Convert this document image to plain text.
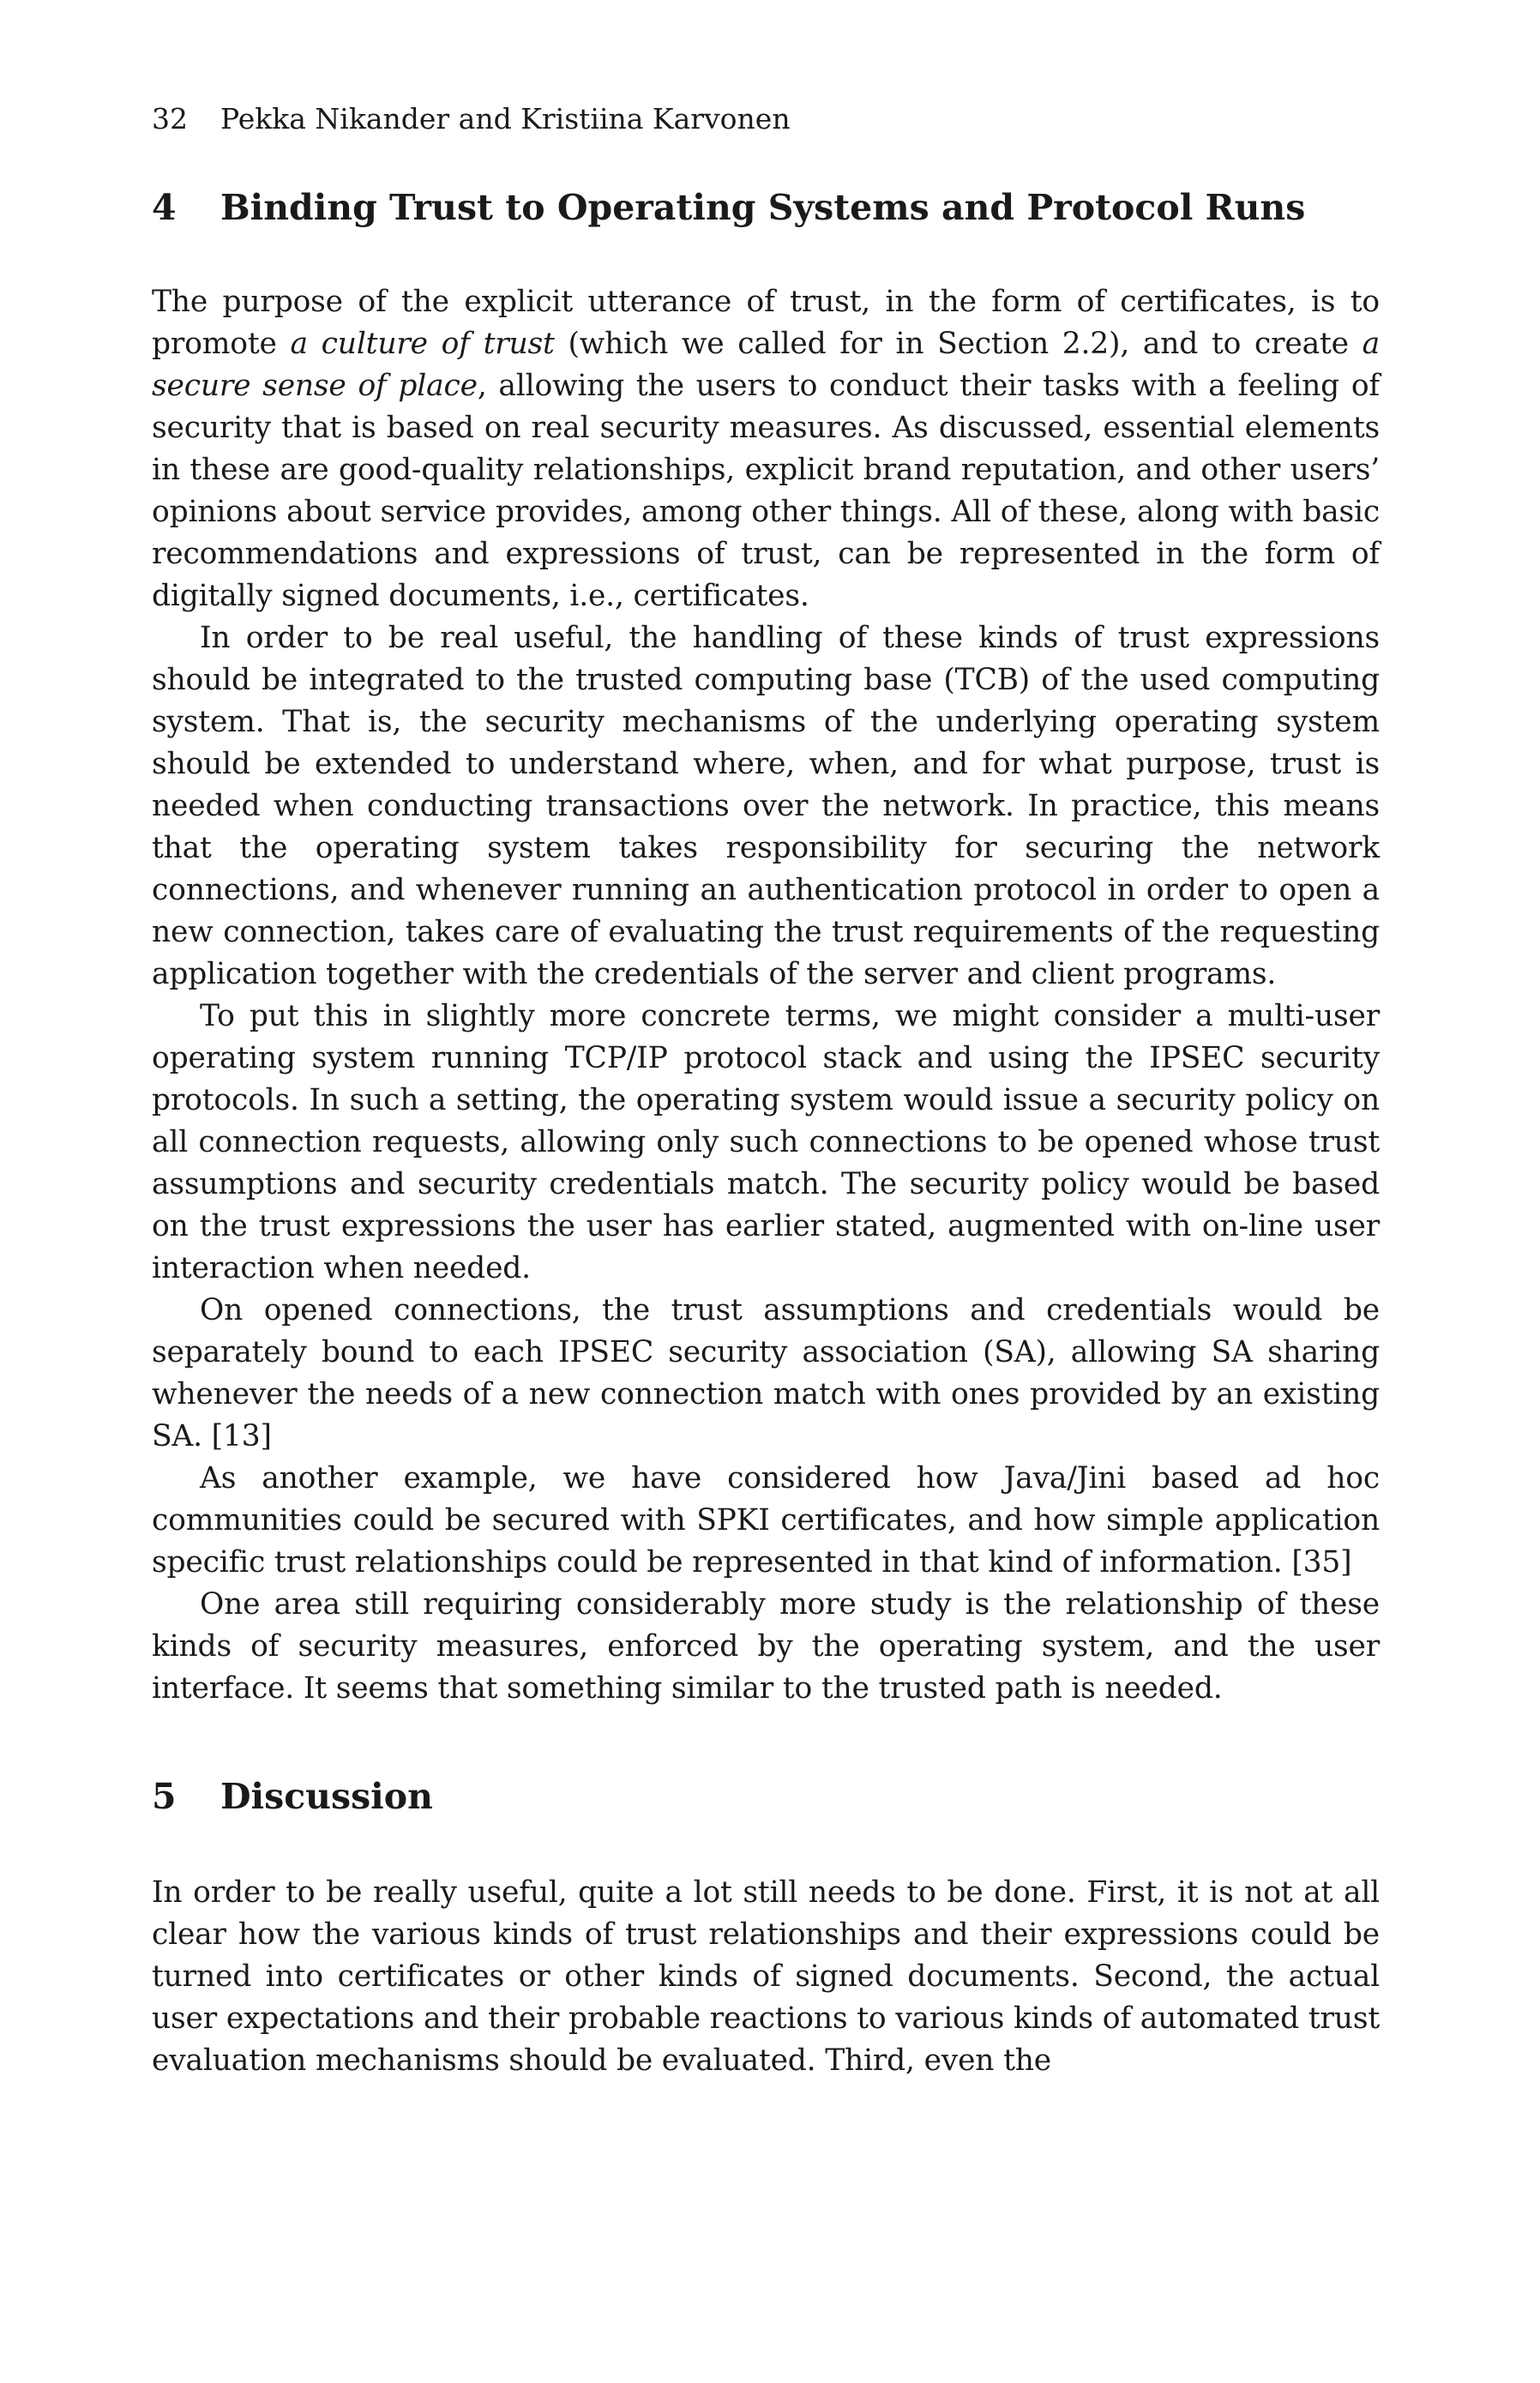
32	Pekka Nikander and Kristiina Karvonen
4	Binding Trust to Operating Systems and Protocol Runs

The purpose of the explicit utterance of trust, in the form of certificates, is to promote a culture of trust (which we called for in Section 2.2), and to create a secure sense of place, allowing the users to conduct their tasks with a feeling of security that is based on real security measures. As discussed, essential elements in these are good-quality relationships, explicit brand reputation, and other users’ opinions about service provides, among other things. All of these, along with basic recommendations and expressions of trust, can be represented in the form of digitally signed documents, i.e., certificates.

In order to be real useful, the handling of these kinds of trust expressions should be integrated to the trusted computing base (TCB) of the used computing system. That is, the security mechanisms of the underlying operating system should be extended to understand where, when, and for what purpose, trust is needed when conducting transactions over the network. In practice, this means that the operating system takes responsibility for securing the network connections, and whenever running an authentication protocol in order to open a new connection, takes care of evaluating the trust requirements of the requesting application together with the credentials of the server and client programs.

To put this in slightly more concrete terms, we might consider a multi-user operating system running TCP/IP protocol stack and using the IPSEC security protocols. In such a setting, the operating system would issue a security policy on all connection requests, allowing only such connections to be opened whose trust assumptions and security credentials match. The security policy would be based on the trust expressions the user has earlier stated, augmented with on-line user interaction when needed.

On opened connections, the trust assumptions and credentials would be separately bound to each IPSEC security association (SA), allowing SA sharing whenever the needs of a new connection match with ones provided by an existing SA. [13]

As another example, we have considered how Java/Jini based ad hoc communities could be secured with SPKI certificates, and how simple application specific trust relationships could be represented in that kind of information. [35]

One area still requiring considerably more study is the relationship of these kinds of security measures, enforced by the operating system, and the user interface. It seems that something similar to the trusted path is needed.

5	Discussion

In order to be really useful, quite a lot still needs to be done. First, it is not at all clear how the various kinds of trust relationships and their expressions could be turned into certificates or other kinds of signed documents. Second, the actual user expectations and their probable reactions to various kinds of automated trust evaluation mechanisms should be evaluated. Third, even the
